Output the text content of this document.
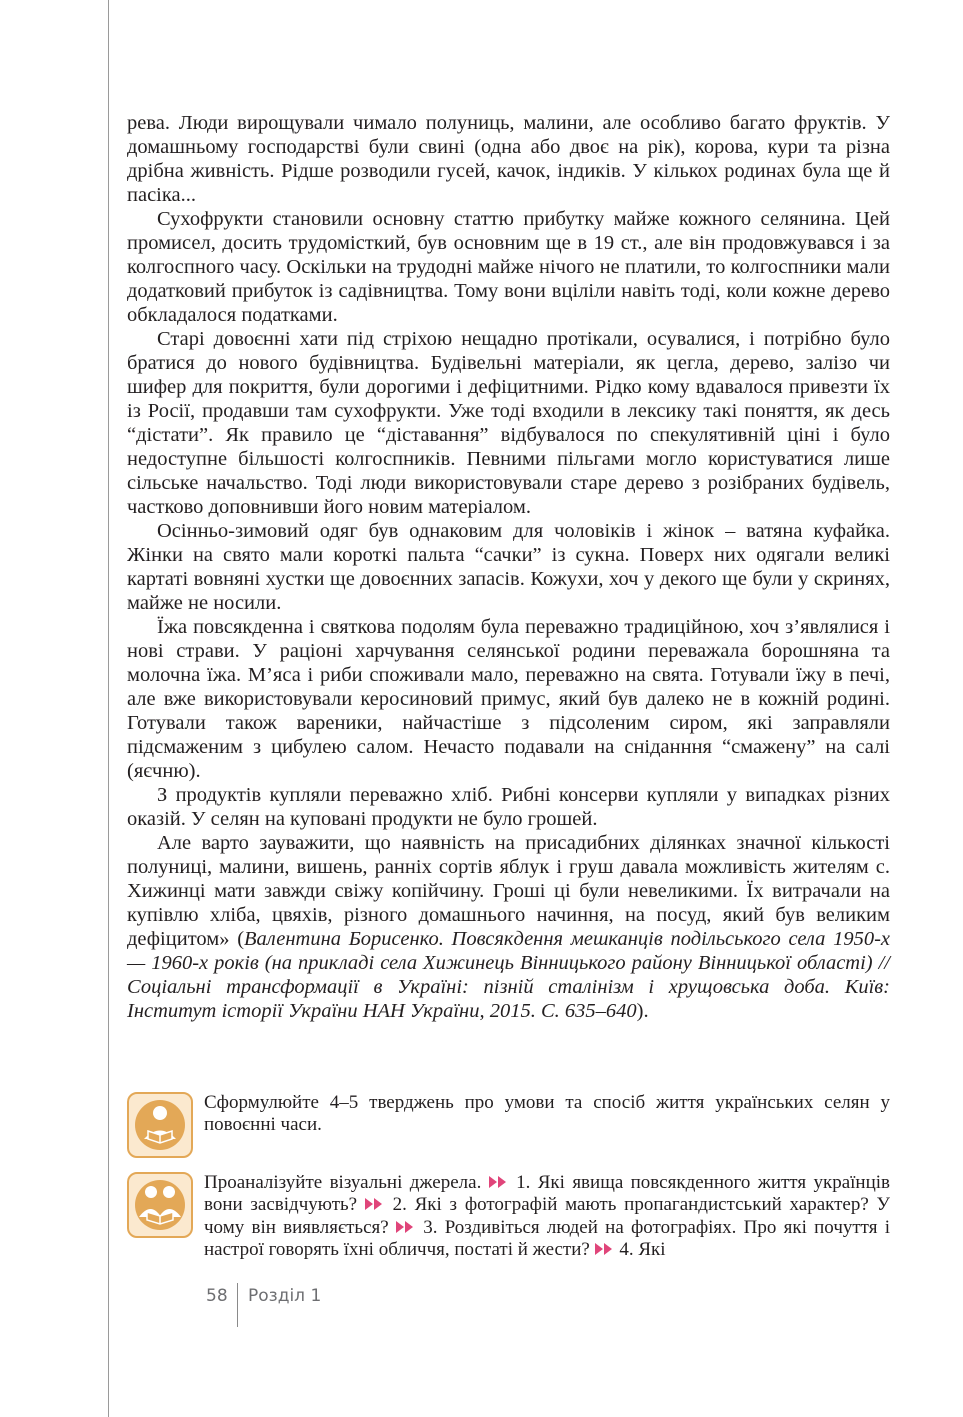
рева. Люди вирощували чимало полуниць, малини, але особливо багато фруктів. У домашньому господарстві були свині (одна або двоє на рік), корова, кури та різна дрібна живність. Рідше розводили гусей, качок, індиків. У кількох родинах була ще й пасіка...

Сухофрукти становили основну статтю прибутку майже кожного селянина. Цей промисел, досить трудомісткий, був основним ще в 19 ст., але він продовжувався і за колгоспного часу. Оскільки на трудодні майже нічого не платили, то колгоспники мали додатковий прибуток із садівництва. Тому вони вціліли навіть тоді, коли кожне дерево обкладалося податками.

Старі довоєнні хати під стріхою нещадно протікали, осувалися, і потрібно було братися до нового будівництва. Будівельні матеріали, як цегла, дерево, залізо чи шифер для покриття, були дорогими і дефіцитними. Рідко кому вдавалося привезти їх із Росії, продавши там сухофрукти. Уже тоді входили в лексику такі поняття, як десь “дістати”. Як правило це “діставання” відбувалося по спекулятивній ціні і було недоступне більшості колгоспників. Певними пільгами могло користуватися лише сільське начальство. Тоді люди використовували старе дерево з розібраних будівель, частково доповнивши його новим матеріалом.

Осінньо-зимовий одяг був однаковим для чоловіків і жінок – ватяна куфайка. Жінки на свято мали короткі пальта “сачки” із сукна. Поверх них одягали великі картаті вовняні хустки ще довоєнних запасів. Кожухи, хоч у декого ще були у скринях, майже не носили.

Їжа повсякденна і святкова подолям була переважно традиційною, хоч з’являлися і нові страви. У раціоні харчування селянської родини переважала борошняна та молочна їжа. М’яса і риби споживали мало, переважно на свята. Готували їжу в печі, але вже використовували керосиновий примус, який був далеко не в кожній родині. Готували також вареники, найчастіше з підсоленим сиром, які заправляли підсмаженим з цибулею салом. Нечасто подавали на сніданння “смажену” на салі (яєчню).

З продуктів купляли переважно хліб. Рибні консерви купляли у випадках різних оказій. У селян на купованi продукти не було грошей.

Але варто зауважити, що наявність на присадибних ділянках значної кількості полуниці, малини, вишень, ранніх сортів яблук і груш давала можливість жителям с. Хижинці мати завжди свіжу копійчину. Гроші ці були невеликими. Їх витрачали на купівлю хліба, цвяхів, різного домашнього начиння, на посуд, який був великим дефіцитом» (Валентина Борисенко. Повсякдення мешканців подільського села 1950-х — 1960-х років (на прикладі села Хижинець Вінницького району Вінницької області) // Соціальні трансформації в Україні: пізній сталінізм і хрущовська доба. Київ: Інститут історії України НАН України, 2015. С. 635–640).

Сформулюйте 4–5 тверджень про умови та спосіб життя українських селян у повоєнні часи.

Проаналізуйте візуальні джерела.  1. Які явища повсякденного життя українців вони засвідчують?  2. Які з фотографій мають пропагандистський характер? У чому він виявляється?  3. Роздивіться людей на фотографіях. Про які почуття і настрої говорять їхні обличчя, постаті й жести?  4. Які

58 Розділ 1
